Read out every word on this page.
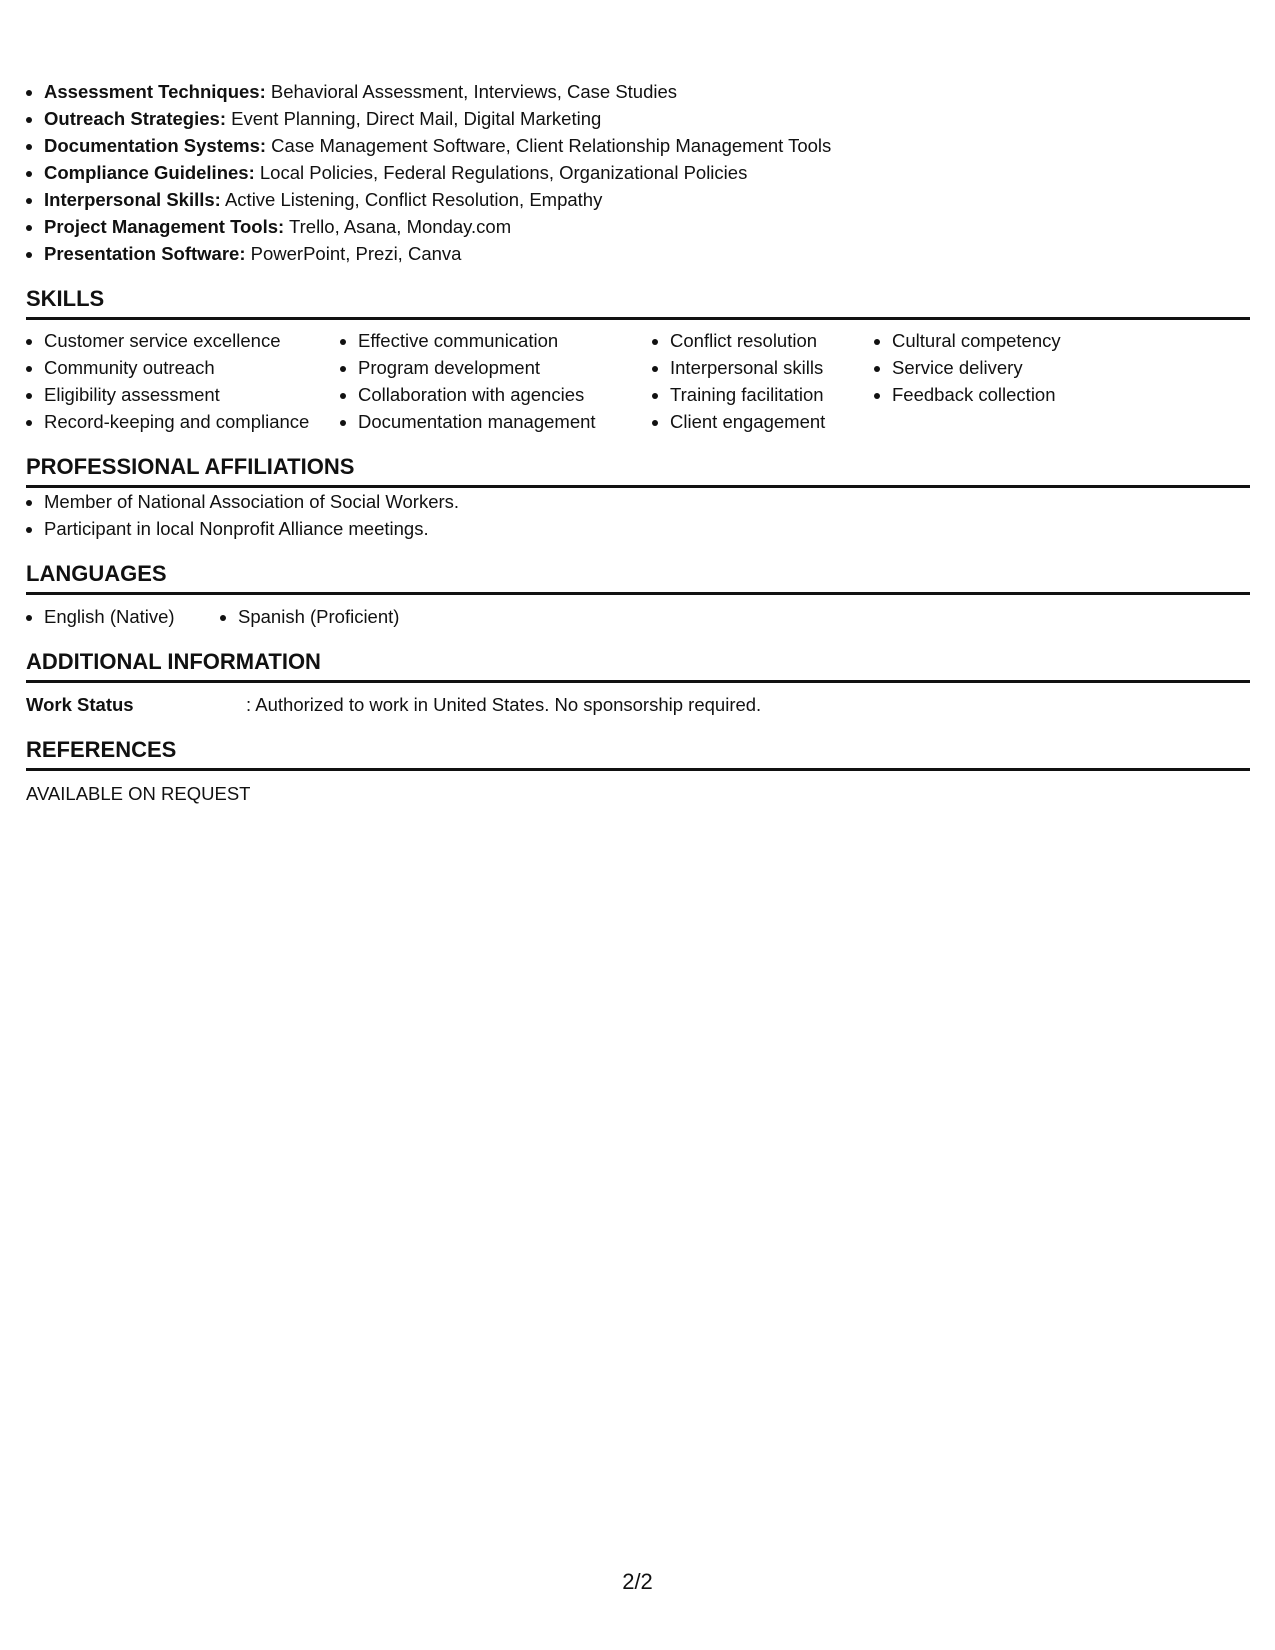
• Assessment Techniques: Behavioral Assessment, Interviews, Case Studies
• Outreach Strategies: Event Planning, Direct Mail, Digital Marketing
• Documentation Systems: Case Management Software, Client Relationship Management Tools
• Compliance Guidelines: Local Policies, Federal Regulations, Organizational Policies
• Interpersonal Skills: Active Listening, Conflict Resolution, Empathy
• Project Management Tools: Trello, Asana, Monday.com
• Presentation Software: PowerPoint, Prezi, Canva
SKILLS
• Customer service excellence
• Community outreach
• Eligibility assessment
• Record-keeping and compliance
• Effective communication
• Program development
• Collaboration with agencies
• Documentation management
• Conflict resolution
• Interpersonal skills
• Training facilitation
• Client engagement
• Cultural competency
• Service delivery
• Feedback collection
PROFESSIONAL AFFILIATIONS
• Member of National Association of Social Workers.
• Participant in local Nonprofit Alliance meetings.
LANGUAGES
• English (Native)
•	Spanish (Proficient)
ADDITIONAL INFORMATION
Work Status	: Authorized to work in United States. No sponsorship required.
REFERENCES
AVAILABLE ON REQUEST
2/2
